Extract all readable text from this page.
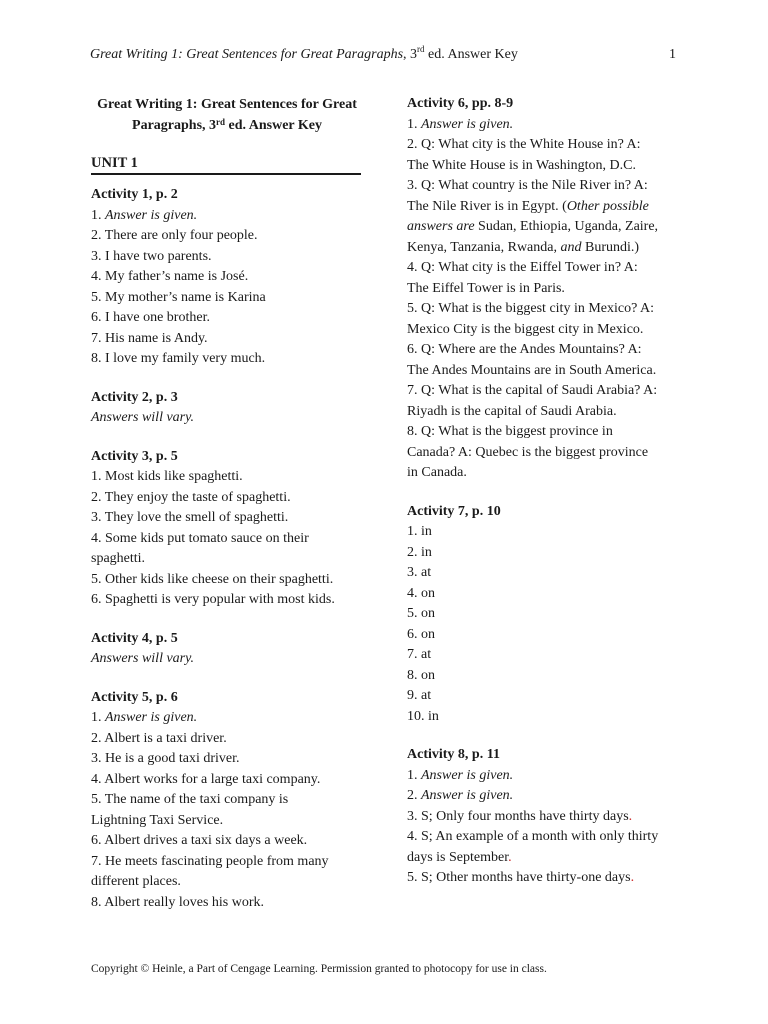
Great Writing 1: Great Sentences for Great Paragraphs, 3rd ed. Answer Key	1
Great Writing 1: Great Sentences for Great
Paragraphs, 3rd ed. Answer Key
UNIT 1
Activity 1, p. 2
1. Answer is given.
2. There are only four people.
3. I have two parents.
4. My father’s name is José.
5. My mother’s name is Karina
6. I have one brother.
7. His name is Andy.
8. I love my family very much.
Activity 2, p. 3
Answers will vary.
Activity 3, p. 5
1. Most kids like spaghetti.
2. They enjoy the taste of spaghetti.
3. They love the smell of spaghetti.
4. Some kids put tomato sauce on their
spaghetti.
5. Other kids like cheese on their spaghetti.
6. Spaghetti is very popular with most kids.
Activity 4, p. 5
Answers will vary.
Activity 5, p. 6
1. Answer is given.
2. Albert is a taxi driver.
3. He is a good taxi driver.
4. Albert works for a large taxi company.
5. The name of the taxi company is
Lightning Taxi Service.
6. Albert drives a taxi six days a week.
7. He meets fascinating people from many
different places.
8. Albert really loves his work.
Activity 6, pp. 8-9
1. Answer is given.
2. Q: What city is the White House in? A:
The White House is in Washington, D.C.
3. Q: What country is the Nile River in? A:
The Nile River is in Egypt. (Other possible
answers are Sudan, Ethiopia, Uganda, Zaire,
Kenya, Tanzania, Rwanda, and Burundi.)
4. Q: What city is the Eiffel Tower in? A:
The Eiffel Tower is in Paris.
5. Q: What is the biggest city in Mexico? A:
Mexico City is the biggest city in Mexico.
6. Q: Where are the Andes Mountains? A:
The Andes Mountains are in South America.
7. Q: What is the capital of Saudi Arabia? A:
Riyadh is the capital of Saudi Arabia.
8. Q: What is the biggest province in
Canada? A: Quebec is the biggest province
in Canada.
Activity 7, p. 10
1. in
2. in
3. at
4. on
5. on
6. on
7. at
8. on
9. at
10. in
Activity 8, p. 11
1. Answer is given.
2. Answer is given.
3. S; Only four months have thirty days.
4. S; An example of a month with only thirty
days is September.
5. S; Other months have thirty-one days.
Copyright © Heinle, a Part of Cengage Learning. Permission granted to photocopy for use in class.
